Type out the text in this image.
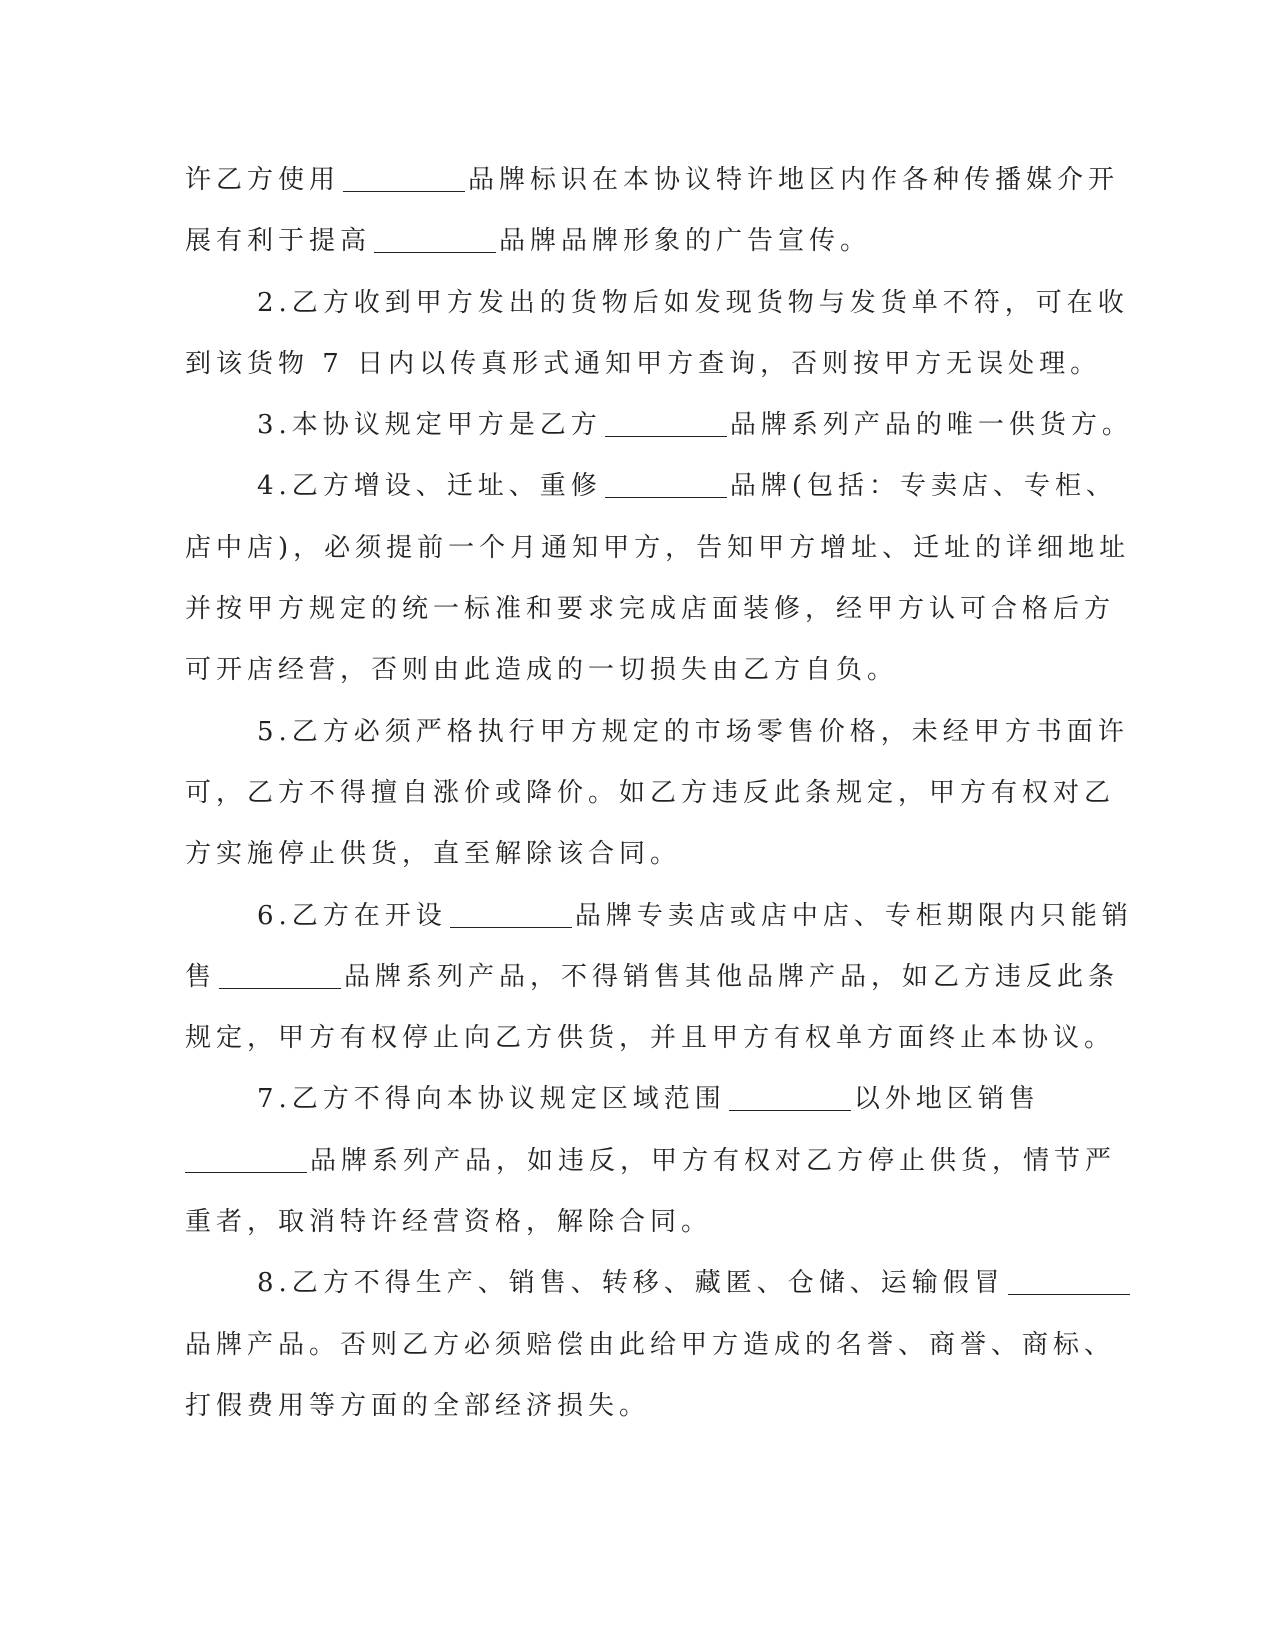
许乙方使用	品牌标识在本协议特许地区内作各种传播媒介开
展有利于提高	品牌品牌形象的广告宣传。
2.乙方收到甲方发出的货物后如发现货物与发货单不符，可在收
到该货物 7 日内以传真形式通知甲方查询，否则按甲方无误处理。
3.本协议规定甲方是乙方	品牌系列产品的唯一供货方。
4.乙方增设、迁址、重修	品牌(包括：专卖店、专柜、
店中店)，必须提前一个月通知甲方，告知甲方增址、迁址的详细地址
并按甲方规定的统一标准和要求完成店面装修，经甲方认可合格后方
可开店经营，否则由此造成的一切损失由乙方自负。
5.乙方必须严格执行甲方规定的市场零售价格，未经甲方书面许
可，乙方不得擅自涨价或降价。如乙方违反此条规定，甲方有权对乙
方实施停止供货，直至解除该合同。
6.乙方在开设	品牌专卖店或店中店、专柜期限内只能销
售	品牌系列产品，不得销售其他品牌产品，如乙方违反此条
规定，甲方有权停止向乙方供货，并且甲方有权单方面终止本协议。
7.乙方不得向本协议规定区域范围	以外地区销售
品牌系列产品，如违反，甲方有权对乙方停止供货，情节严
重者，取消特许经营资格，解除合同。
8.乙方不得生产、销售、转移、藏匿、仓储、运输假冒
品牌产品。否则乙方必须赔偿由此给甲方造成的名誉、商誉、商标、
打假费用等方面的全部经济损失。
